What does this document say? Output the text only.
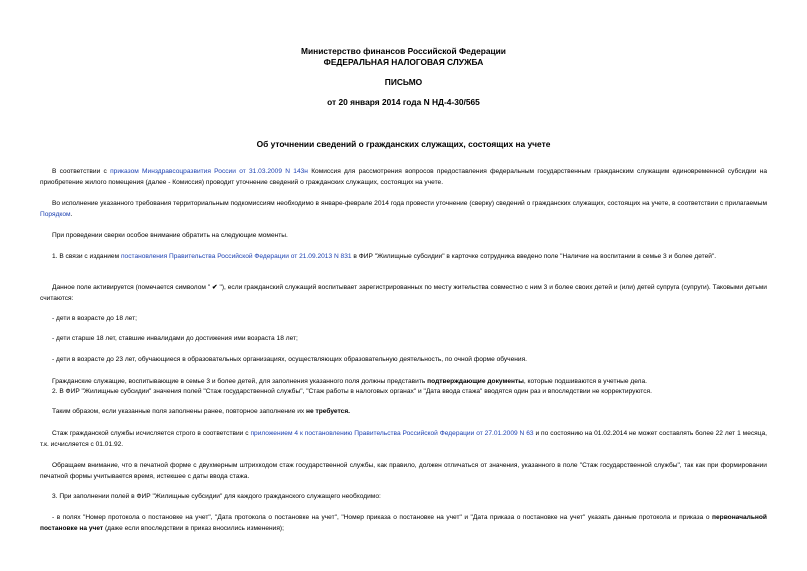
Министерство финансов Российской Федерации
ФЕДЕРАЛЬНАЯ НАЛОГОВАЯ СЛУЖБА
ПИСЬМО
от 20 января 2014 года N НД-4-30/565
Об уточнении сведений о гражданских служащих, состоящих на учете
В соответствии с приказом Минздравсоцразвития России от 31.03.2009 N 143н Комиссия для рассмотрения вопросов предоставления федеральным государственным гражданским служащим единовременной субсидии на приобретение жилого помещения (далее - Комиссия) проводит уточнение сведений о гражданских служащих, состоящих на учете.
Во исполнение указанного требования территориальным подкомиссиям необходимо в январе-феврале 2014 года провести уточнение (сверку) сведений о гражданских служащих, состоящих на учете, в соответствии с прилагаемым Порядком.
При проведении сверки особое внимание обратить на следующие моменты.
1. В связи с изданием постановления Правительства Российской Федерации от 21.09.2013 N 831 в ФИР "Жилищные субсидии" в карточке сотрудника введено поле "Наличие на воспитании в семье 3 и более детей".
Данное поле активируется (помечается символом " ✔ "), если гражданский служащий воспитывает зарегистрированных по месту жительства совместно с ним 3 и более своих детей и (или) детей супруга (супруги). Таковыми детьми считаются:
- дети в возрасте до 18 лет;
- дети старше 18 лет, ставшие инвалидами до достижения ими возраста 18 лет;
- дети в возрасте до 23 лет, обучающиеся в образовательных организациях, осуществляющих образовательную деятельность, по очной форме обучения.
Гражданские служащие, воспитывающие в семье 3 и более детей, для заполнения указанного поля должны представить подтверждающие документы, которые подшиваются в учетные дела.
2. В ФИР "Жилищные субсидии" значения полей "Стаж государственной службы", "Стаж работы в налоговых органах" и "Дата ввода стажа" вводятся один раз и впоследствии не корректируются.
Таким образом, если указанные поля заполнены ранее, повторное заполнение их не требуется.
Стаж гражданской службы исчисляется строго в соответствии с приложением 4 к постановлению Правительства Российской Федерации от 27.01.2009 N 63 и по состоянию на 01.02.2014 не может составлять более 22 лет 1 месяца, т.к. исчисляется с 01.01.92.
Обращаем внимание, что в печатной форме с двухмерным штрихкодом стаж государственной службы, как правило, должен отличаться от значения, указанного в поле "Стаж государственной службы", так как при формировании печатной формы учитывается время, истекшее с даты ввода стажа.
3. При заполнении полей в ФИР "Жилищные субсидии" для каждого гражданского служащего необходимо:
- в полях "Номер протокола о постановке на учет", "Дата протокола о постановке на учет", "Номер приказа о постановке на учет" и "Дата приказа о постановке на учет" указать данные протокола и приказа о первоначальной постановке на учет (даже если впоследствии в приказ вносились изменения);
